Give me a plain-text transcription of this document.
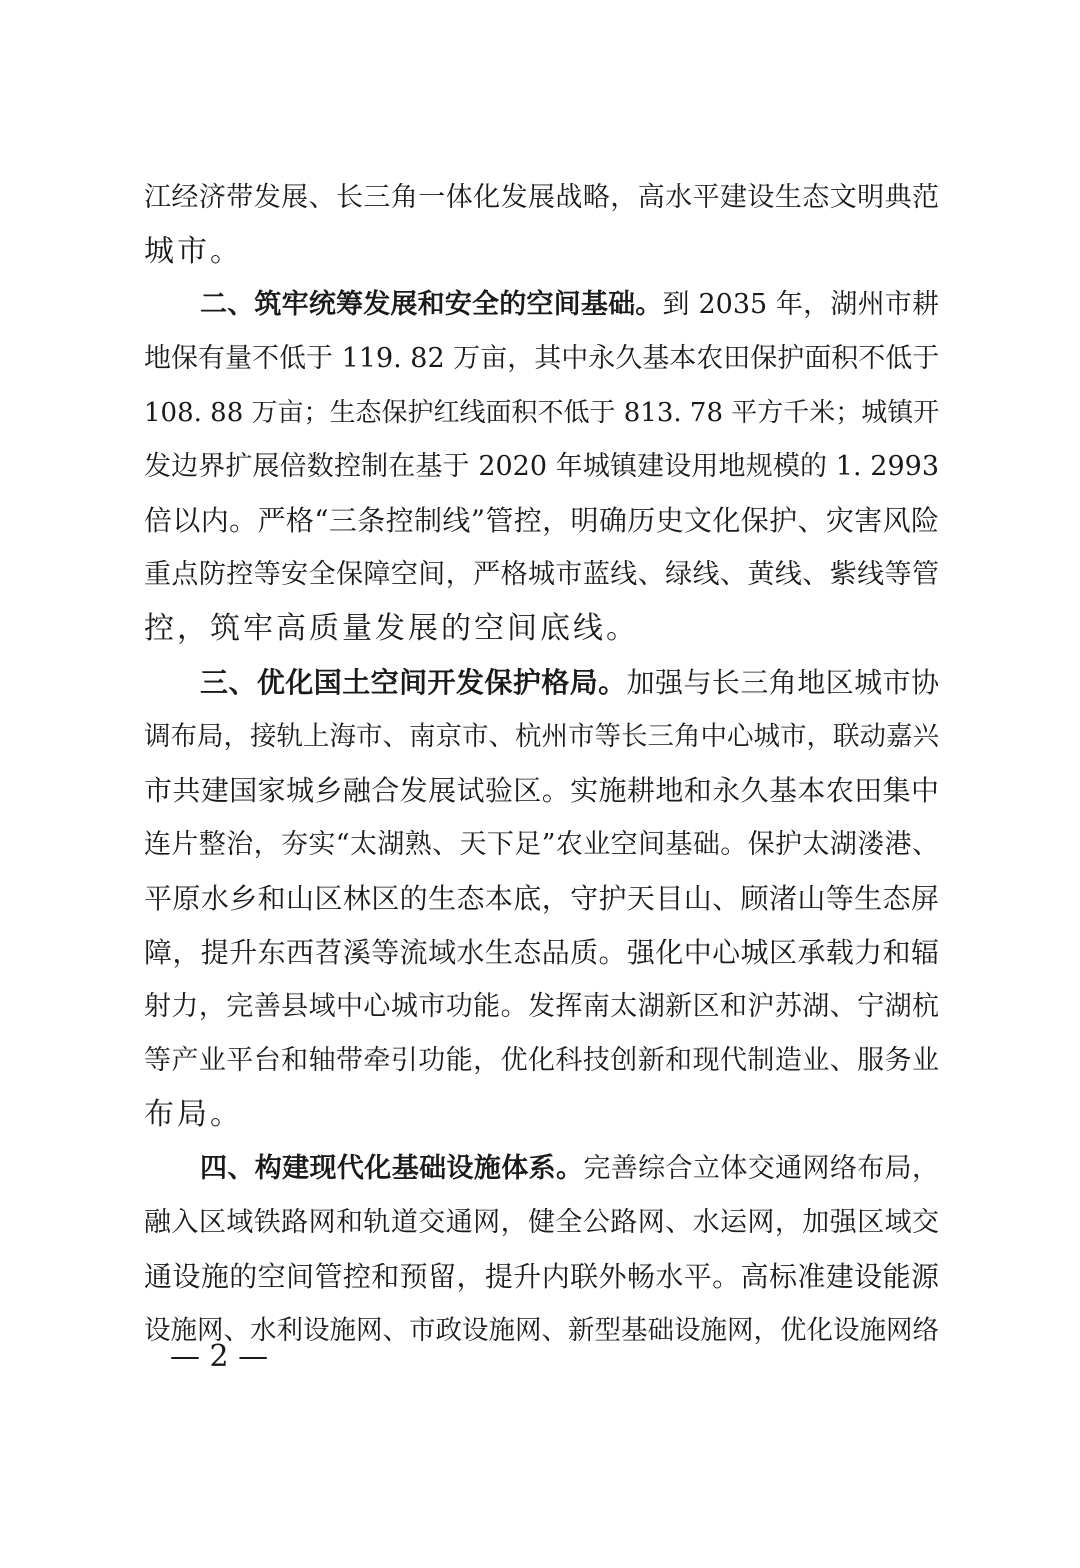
江经济带发展、长三角一体化发展战略，高水平建设生态文明典范
城市。
二、筑牢统筹发展和安全的空间基础。到 2035 年，湖州市耕
地保有量不低于 119. 82 万亩，其中永久基本农田保护面积不低于
108. 88 万亩；生态保护红线面积不低于 813. 78 平方千米；城镇开
发边界扩展倍数控制在基于 2020 年城镇建设用地规模的 1. 2993
倍以内。严格“三条控制线”管控，明确历史文化保护、灾害风险
重点防控等安全保障空间，严格城市蓝线、绿线、黄线、紫线等管
控，筑牢高质量发展的空间底线。
三、优化国土空间开发保护格局。加强与长三角地区城市协
调布局，接轨上海市、南京市、杭州市等长三角中心城市，联动嘉兴
市共建国家城乡融合发展试验区。实施耕地和永久基本农田集中
连片整治，夯实“太湖熟、天下足”农业空间基础。保护太湖溇港、
平原水乡和山区林区的生态本底，守护天目山、顾渚山等生态屏
障，提升东西苕溪等流域水生态品质。强化中心城区承载力和辐
射力，完善县域中心城市功能。发挥南太湖新区和沪苏湖、宁湖杭
等产业平台和轴带牵引功能，优化科技创新和现代制造业、服务业
布局。
四、构建现代化基础设施体系。完善综合立体交通网络布局，
融入区域铁路网和轨道交通网，健全公路网、水运网，加强区域交
通设施的空间管控和预留，提升内联外畅水平。高标准建设能源
设施网、水利设施网、市政设施网、新型基础设施网，优化设施网络
— 2 —
